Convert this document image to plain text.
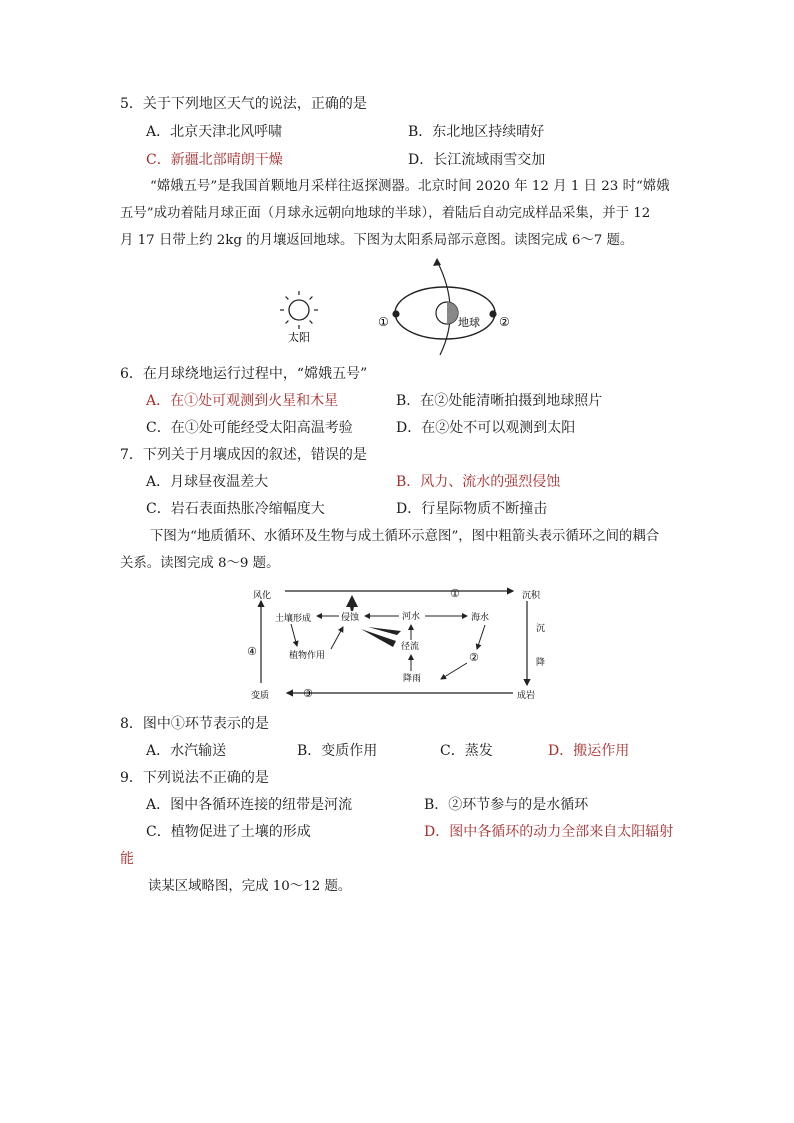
5．关于下列地区天气的说法，正确的是
A．北京天津北风呼啸	B．东北地区持续晴好
C．新疆北部晴朗干燥	D．长江流域雨雪交加
“嫦娥五号”是我国首颗地月采样往返探测器。北京时间 2020 年 12 月 1 日 23 时“嫦娥
五号”成功着陆月球正面（月球永远朝向地球的半球），着陆后自动完成样品采集，并于 12
月 17 日带上约 2kg 的月壤返回地球。下图为太阳系局部示意图。读图完成 6～7 题。
太阳
地球
①	②
6．在月球绕地运行过程中，“嫦娥五号”
A．在①处可观测到火星和木星	B．在②处能清晰拍摄到地球照片
C．在①处可能经受太阳高温考验	D．在②处不可以观测到太阳
7．下列关于月壤成因的叙述，错误的是
A．月球昼夜温差大	B．风力、流水的强烈侵蚀
C．岩石表面热胀冷缩幅度大	D．行星际物质不断撞击
下图为“地质循环、水循环及生物与成土循环示意图”，图中粗箭头表示循环之间的耦合
关系。读图完成 8～9 题。
风化	沉积
变质	成岩
沉
降
①
④
③
②
土壤形成	侵蚀	河水	海水
植物作用
径流
降雨
8．图中①环节表示的是
A．水汽输送	B．变质作用	C．蒸发	D．搬运作用
9．下列说法不正确的是
A．图中各循环连接的纽带是河流	B．②环节参与的是水循环
C．植物促进了土壤的形成	D．图中各循环的动力全部来自太阳辐射
能
读某区域略图，完成 10～12 题。
